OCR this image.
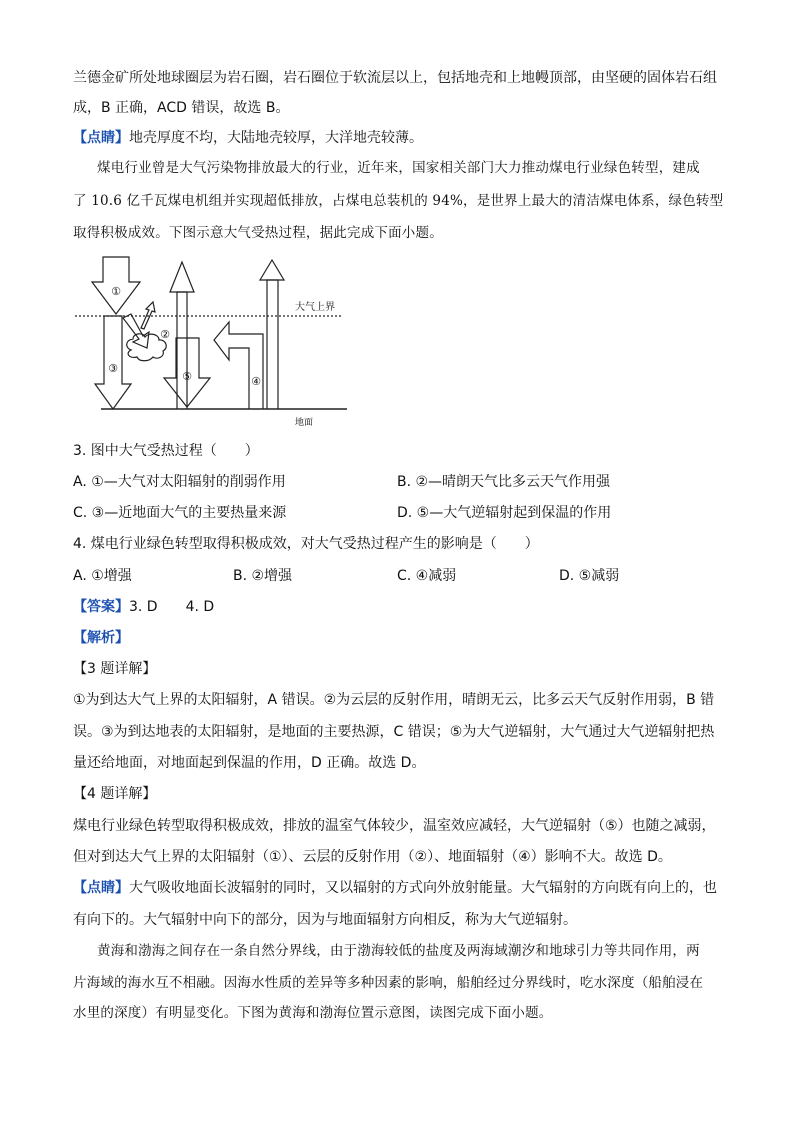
兰德金矿所处地球圈层为岩石圈，岩石圈位于软流层以上，包括地壳和上地幔顶部，由坚硬的固体岩石组
成，B 正确，ACD 错误，故选 B。
【点睛】地壳厚度不均，大陆地壳较厚，大洋地壳较薄。
煤电行业曾是大气污染物排放最大的行业，近年来，国家相关部门大力推动煤电行业绿色转型，建成
了 10.6 亿千瓦煤电机组并实现超低排放，占煤电总装机的 94%，是世界上最大的清洁煤电体系，绿色转型
取得积极成效。下图示意大气受热过程，据此完成下面小题。
①
②
③
⑤	④
大气上界
地面
3. 图中大气受热过程（　　）
A. ①—大气对太阳辐射的削弱作用	B. ②—晴朗天气比多云天气作用强
C. ③—近地面大气的主要热量来源	D. ⑤—大气逆辐射起到保温的作用
4. 煤电行业绿色转型取得积极成效，对大气受热过程产生的影响是（　　）
A. ①增强	B. ②增强	C. ④减弱	D. ⑤减弱
【答案】3. D　　4. D
【解析】
【3 题详解】
①为到达大气上界的太阳辐射，A 错误。②为云层的反射作用，晴朗无云，比多云天气反射作用弱，B 错
误。③为到达地表的太阳辐射，是地面的主要热源，C 错误；⑤为大气逆辐射，大气通过大气逆辐射把热
量还给地面，对地面起到保温的作用，D 正确。故选 D。
【4 题详解】
煤电行业绿色转型取得积极成效，排放的温室气体较少，温室效应减轻，大气逆辐射（⑤）也随之减弱，
但对到达大气上界的太阳辐射（①）、云层的反射作用（②）、地面辐射（④）影响不大。故选 D。
【点睛】大气吸收地面长波辐射的同时，又以辐射的方式向外放射能量。大气辐射的方向既有向上的，也
有向下的。大气辐射中向下的部分，因为与地面辐射方向相反，称为大气逆辐射。
黄海和渤海之间存在一条自然分界线，由于渤海较低的盐度及两海域潮汐和地球引力等共同作用，两
片海域的海水互不相融。因海水性质的差异等多种因素的影响，船舶经过分界线时，吃水深度（船舶浸在
水里的深度）有明显变化。下图为黄海和渤海位置示意图，读图完成下面小题。
